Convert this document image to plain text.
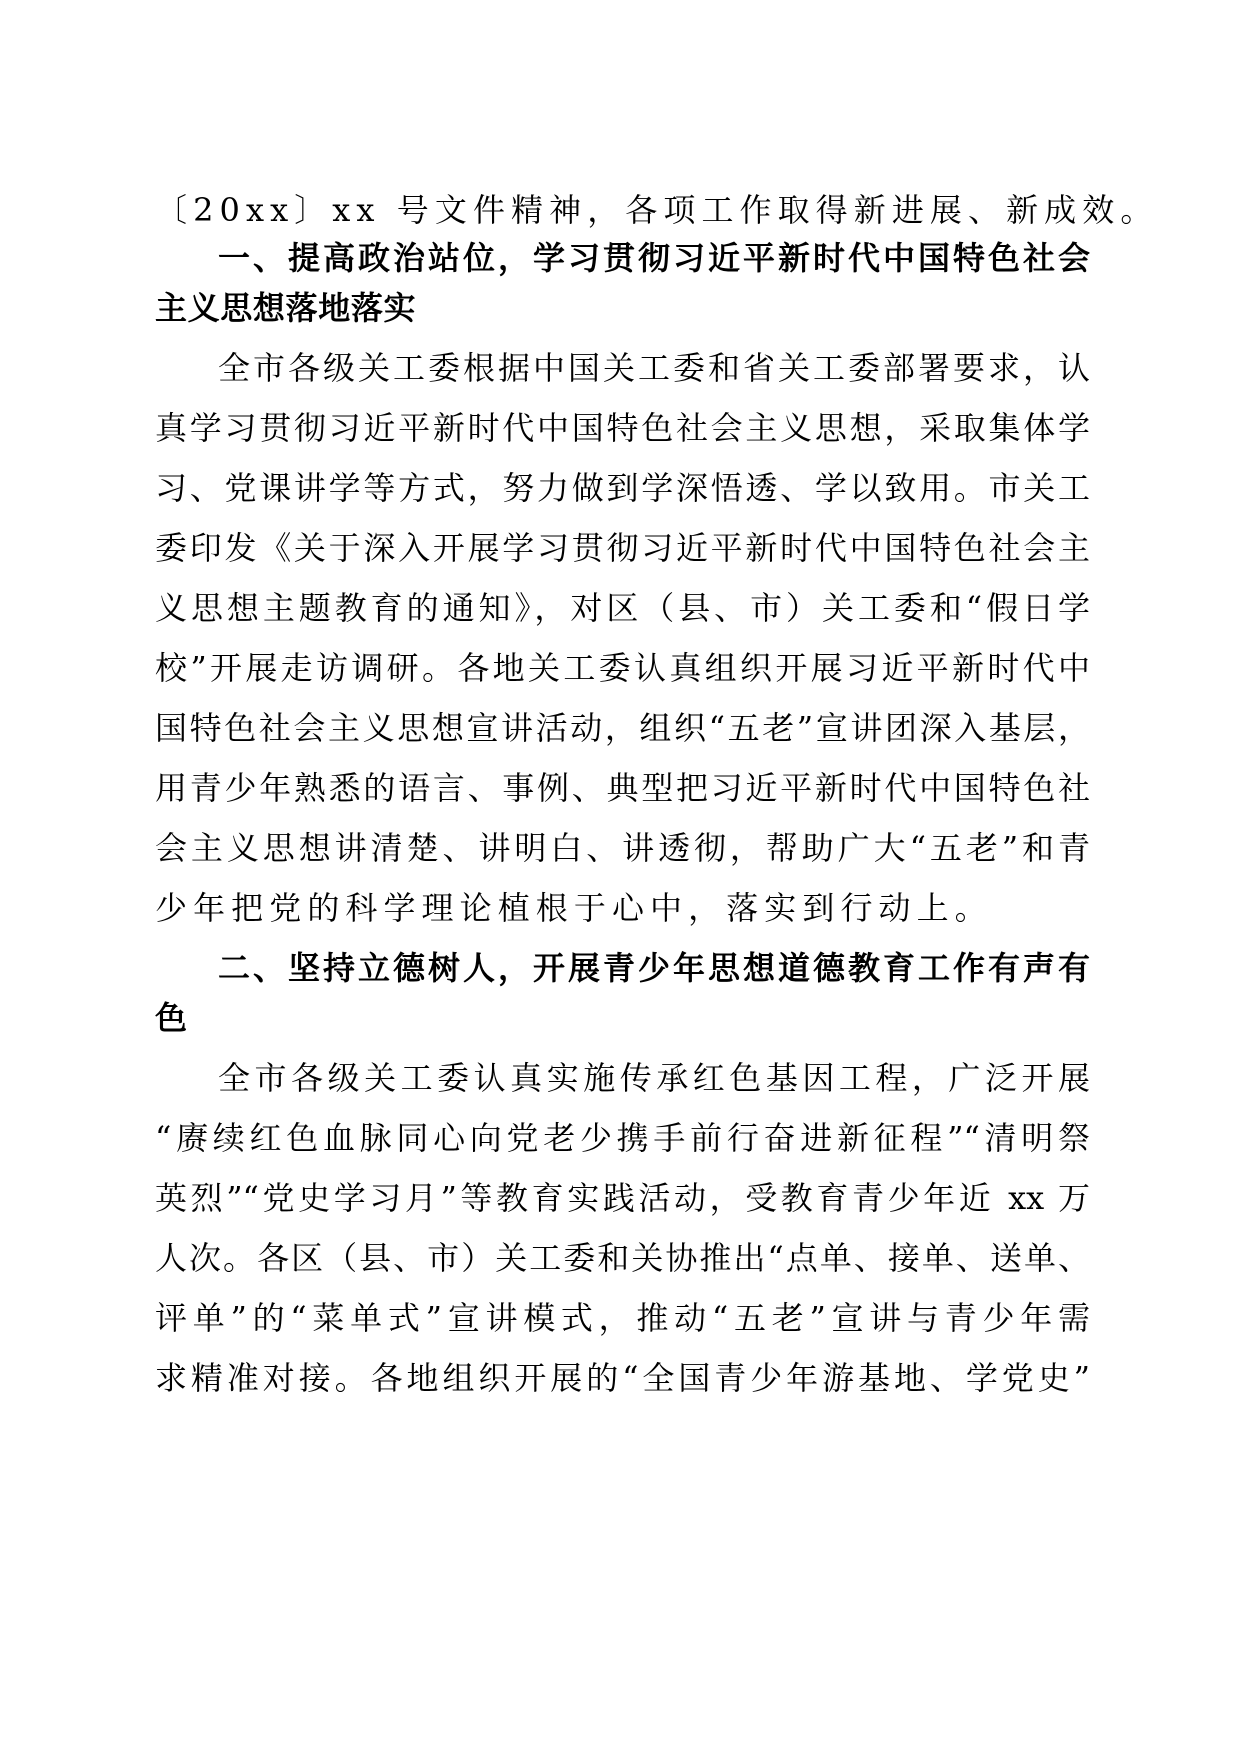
〔20xx〕xx 号文件精神，各项工作取得新进展、新成效。
一、提高政治站位，学习贯彻习近平新时代中国特色社会
主义思想落地落实
全市各级关工委根据中国关工委和省关工委部署要求，认
真学习贯彻习近平新时代中国特色社会主义思想，采取集体学
习、党课讲学等方式，努力做到学深悟透、学以致用。市关工
委印发《关于深入开展学习贯彻习近平新时代中国特色社会主
义思想主题教育的通知》，对区（县、市）关工委和“假日学
校”开展走访调研。各地关工委认真组织开展习近平新时代中
国特色社会主义思想宣讲活动，组织“五老”宣讲团深入基层，
用青少年熟悉的语言、事例、典型把习近平新时代中国特色社
会主义思想讲清楚、讲明白、讲透彻，帮助广大“五老”和青
少年把党的科学理论植根于心中，落实到行动上。
二、坚持立德树人，开展青少年思想道德教育工作有声有
色
全市各级关工委认真实施传承红色基因工程，广泛开展
“赓续红色血脉同心向党老少携手前行奋进新征程”“清明祭
英烈”“党史学习月”等教育实践活动，受教育青少年近 xx 万
人次。各区（县、市）关工委和关协推出“点单、接单、送单、
评单”的“菜单式”宣讲模式，推动“五老”宣讲与青少年需
求精准对接。各地组织开展的“全国青少年游基地、学党史”
